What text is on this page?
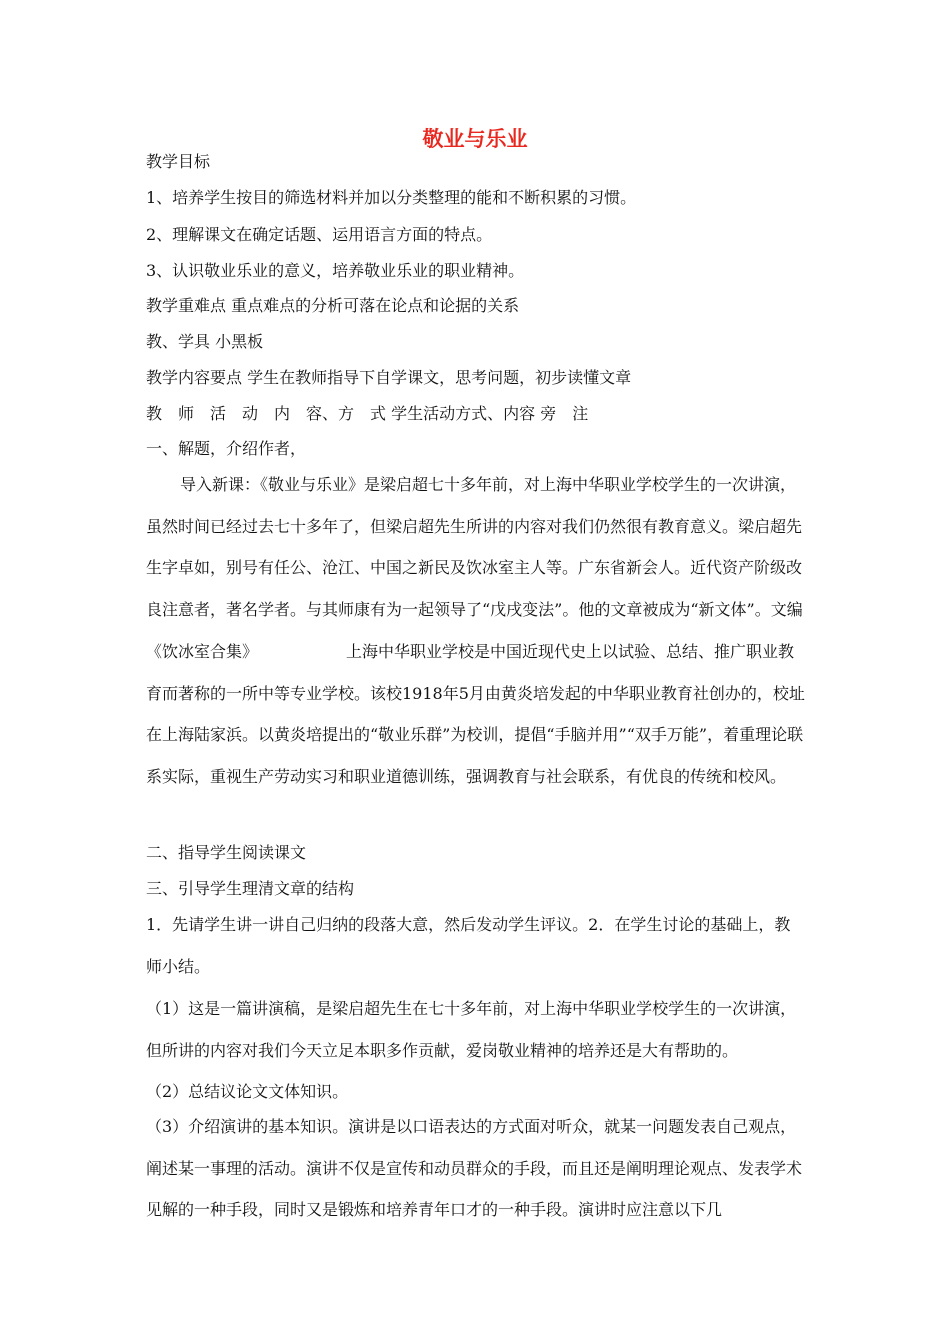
敬业与乐业
教学目标
1、培养学生按目的筛选材料并加以分类整理的能和不断积累的习惯。
2、理解课文在确定话题、运用语言方面的特点。
3、认识敬业乐业的意义，培养敬业乐业的职业精神。
教学重难点 重点难点的分析可落在论点和论据的关系
教、学具 小黑板
教学内容要点 学生在教师指导下自学课文，思考问题，初步读懂文章
教　师　活　动　内　容、方　式 学生活动方式、内容 旁　注
一、解题，介绍作者，
导入新课：《敬业与乐业》是梁启超七十多年前，对上海中华职业学校学生的一次讲演，虽然时间已经过去七十多年了，但梁启超先生所讲的内容对我们仍然很有教育意义。梁启超先生字卓如，别号有任公、沧江、中国之新民及饮冰室主人等。广东省新会人。近代资产阶级改良注意者，著名学者。与其师康有为一起领导了“戊戌变法”。他的文章被成为“新文体”。文编《饮冰室合集》　　　　　　上海中华职业学校是中国近现代史上以试验、总结、推广职业教育而著称的一所中等专业学校。该校1918年5月由黄炎培发起的中华职业教育社创办的，校址在上海陆家浜。以黄炎培提出的“敬业乐群”为校训，提倡“手脑并用”“双手万能”，着重理论联系实际，重视生产劳动实习和职业道德训练，强调教育与社会联系，有优良的传统和校风。
二、指导学生阅读课文
三、引导学生理清文章的结构
1．先请学生讲一讲自己归纳的段落大意，然后发动学生评议。2．在学生讨论的基础上，教师小结。
（1）这是一篇讲演稿，是梁启超先生在七十多年前，对上海中华职业学校学生的一次讲演，但所讲的内容对我们今天立足本职多作贡献，爱岗敬业精神的培养还是大有帮助的。
（2）总结议论文文体知识。
（3）介绍演讲的基本知识。演讲是以口语表达的方式面对听众，就某一问题发表自己观点，阐述某一事理的活动。演讲不仅是宣传和动员群众的手段，而且还是阐明理论观点、发表学术见解的一种手段，同时又是锻炼和培养青年口才的一种手段。演讲时应注意以下几
